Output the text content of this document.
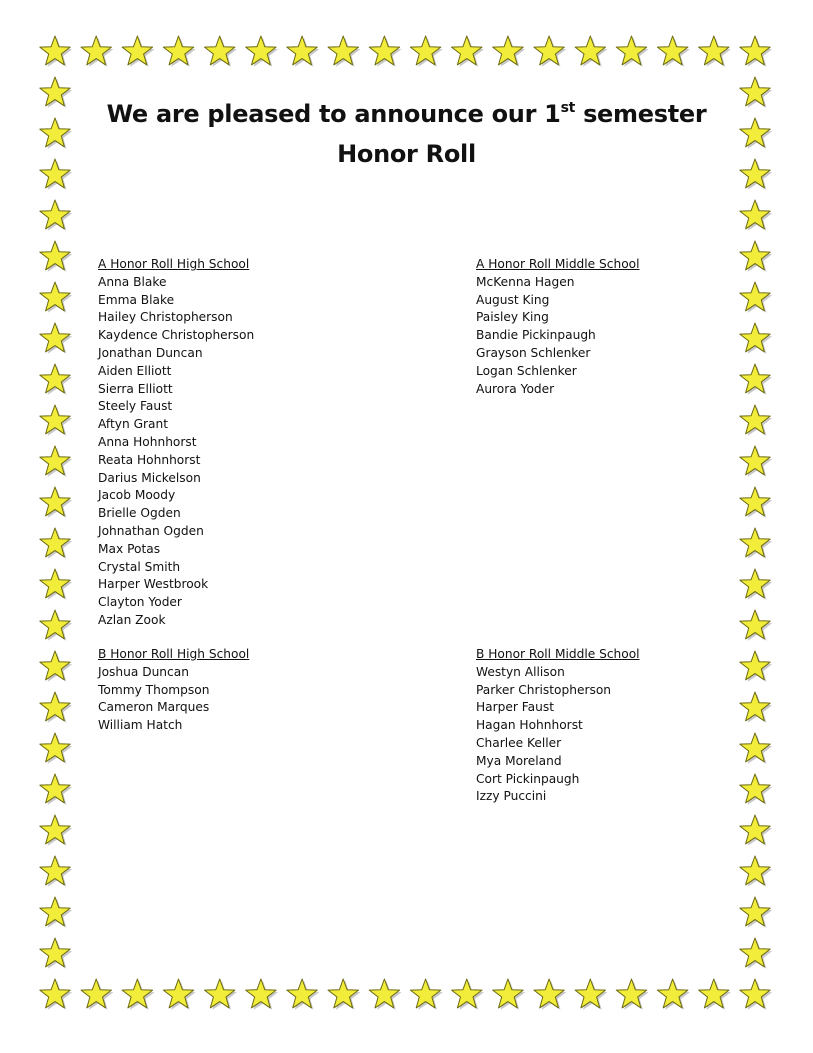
We are pleased to announce our 1st semester
Honor Roll
A Honor Roll High School
Anna Blake
Emma Blake
Hailey Christopherson
Kaydence Christopherson
Jonathan Duncan
Aiden Elliott
Sierra Elliott
Steely Faust
Aftyn Grant
Anna Hohnhorst
Reata Hohnhorst
Darius Mickelson
Jacob Moody
Brielle Ogden
Johnathan Ogden
Max Potas
Crystal Smith
Harper Westbrook
Clayton Yoder
Azlan Zook
A Honor Roll Middle School
McKenna Hagen
August King
Paisley King
Bandie Pickinpaugh
Grayson Schlenker
Logan Schlenker
Aurora Yoder
B Honor Roll High School
Joshua Duncan
Tommy Thompson
Cameron Marques
William Hatch
B Honor Roll Middle School
Westyn Allison
Parker Christopherson
Harper Faust
Hagan Hohnhorst
Charlee Keller
Mya Moreland
Cort Pickinpaugh
Izzy Puccini
